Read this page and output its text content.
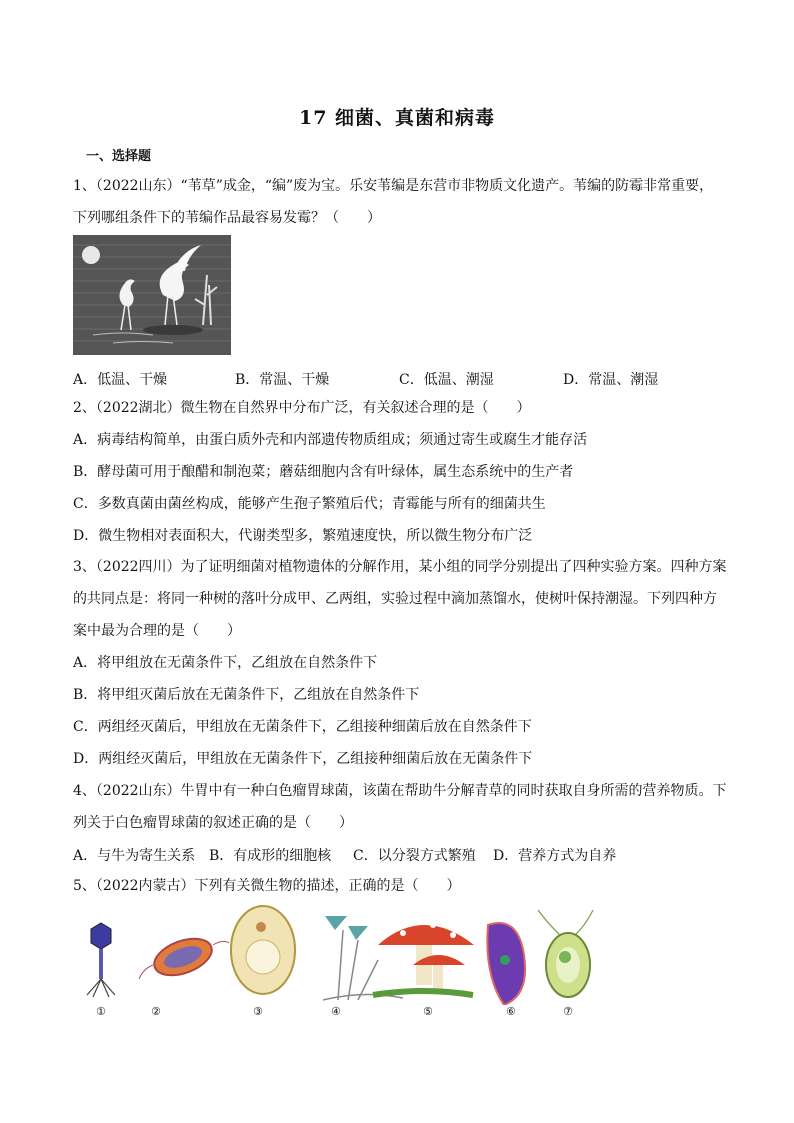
17 细菌、真菌和病毒
一、选择题
1、（2022山东）“苇草”成金，“编”废为宝。乐安苇编是东营市非物质文化遗产。苇编的防霉非常重要，
下列哪组条件下的苇编作品最容易发霉？（　　）
A．低温、干燥	B．常温、干燥	C．低温、潮湿	D．常温、潮湿
2、（2022湖北）微生物在自然界中分布广泛，有关叙述合理的是（　　）
A．病毒结构简单，由蛋白质外壳和内部遗传物质组成；须通过寄生或腐生才能存活
B．酵母菌可用于酿醋和制泡菜；蘑菇细胞内含有叶绿体，属生态系统中的生产者
C．多数真菌由菌丝构成，能够产生孢子繁殖后代；青霉能与所有的细菌共生
D．微生物相对表面积大，代谢类型多，繁殖速度快，所以微生物分布广泛
3、（2022四川）为了证明细菌对植物遗体的分解作用，某小组的同学分别提出了四种实验方案。四种方案
的共同点是：将同一种树的落叶分成甲、乙两组，实验过程中滴加蒸馏水，使树叶保持潮湿。下列四种方
案中最为合理的是（　　）
A．将甲组放在无菌条件下，乙组放在自然条件下
B．将甲组灭菌后放在无菌条件下，乙组放在自然条件下
C．两组经灭菌后，甲组放在无菌条件下，乙组接种细菌后放在自然条件下
D．两组经灭菌后，甲组放在无菌条件下，乙组接种细菌后放在无菌条件下
4、（2022山东）牛胃中有一种白色瘤胃球菌，该菌在帮助牛分解青草的同时获取自身所需的营养物质。下
列关于白色瘤胃球菌的叙述正确的是（　　）
A．与牛为寄生关系 B．有成形的细胞核 C．以分裂方式繁殖 D．营养方式为自养
5、（2022内蒙古）下列有关微生物的描述，正确的是（　　）
①	②	③	④	⑤	⑥	⑦
